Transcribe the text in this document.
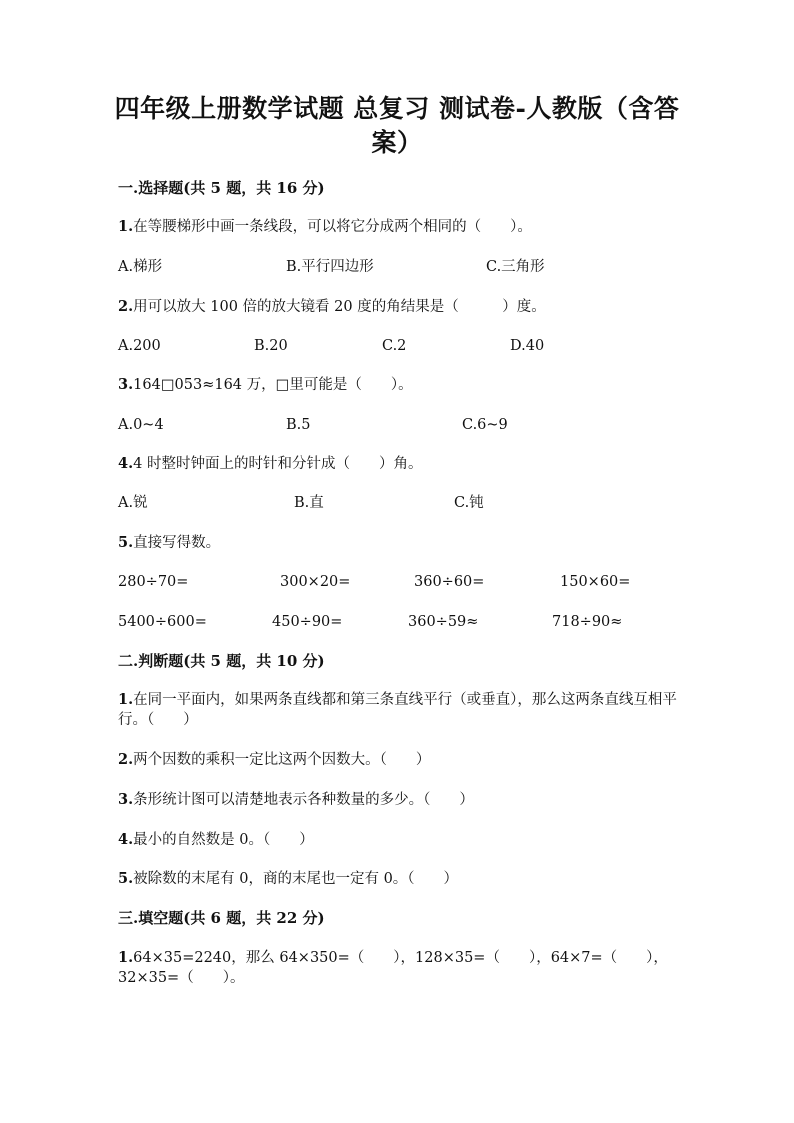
四年级上册数学试题 总复习 测试卷-人教版（含答案）
一.选择题(共 5 题，共 16 分)
1.在等腰梯形中画一条线段，可以将它分成两个相同的（　　）。
A.梯形	B.平行四边形	C.三角形
2.用可以放大 100 倍的放大镜看 20 度的角结果是（　　　）度。
A.200	B.20	C.2	D.40
3.164□053≈164 万，□里可能是（　　）。
A.0~4	B.5	C.6~9
4.4 时整时钟面上的时针和分针成（　　）角。
A.锐	B.直	C.钝
5.直接写得数。
280÷70=	300×20=	360÷60=	150×60=
5400÷600=	450÷90=	360÷59≈	718÷90≈
二.判断题(共 5 题，共 10 分)
1.在同一平面内，如果两条直线都和第三条直线平行（或垂直），那么这两条直线互相平行。（　　）
2.两个因数的乘积一定比这两个因数大。（　　）
3.条形统计图可以清楚地表示各种数量的多少。（　　）
4.最小的自然数是 0。（　　）
5.被除数的末尾有 0，商的末尾也一定有 0。（　　）
三.填空题(共 6 题，共 22 分)
1.64×35=2240，那么 64×350=（　　），128×35=（　　），64×7=（　　），32×35=（　　）。
